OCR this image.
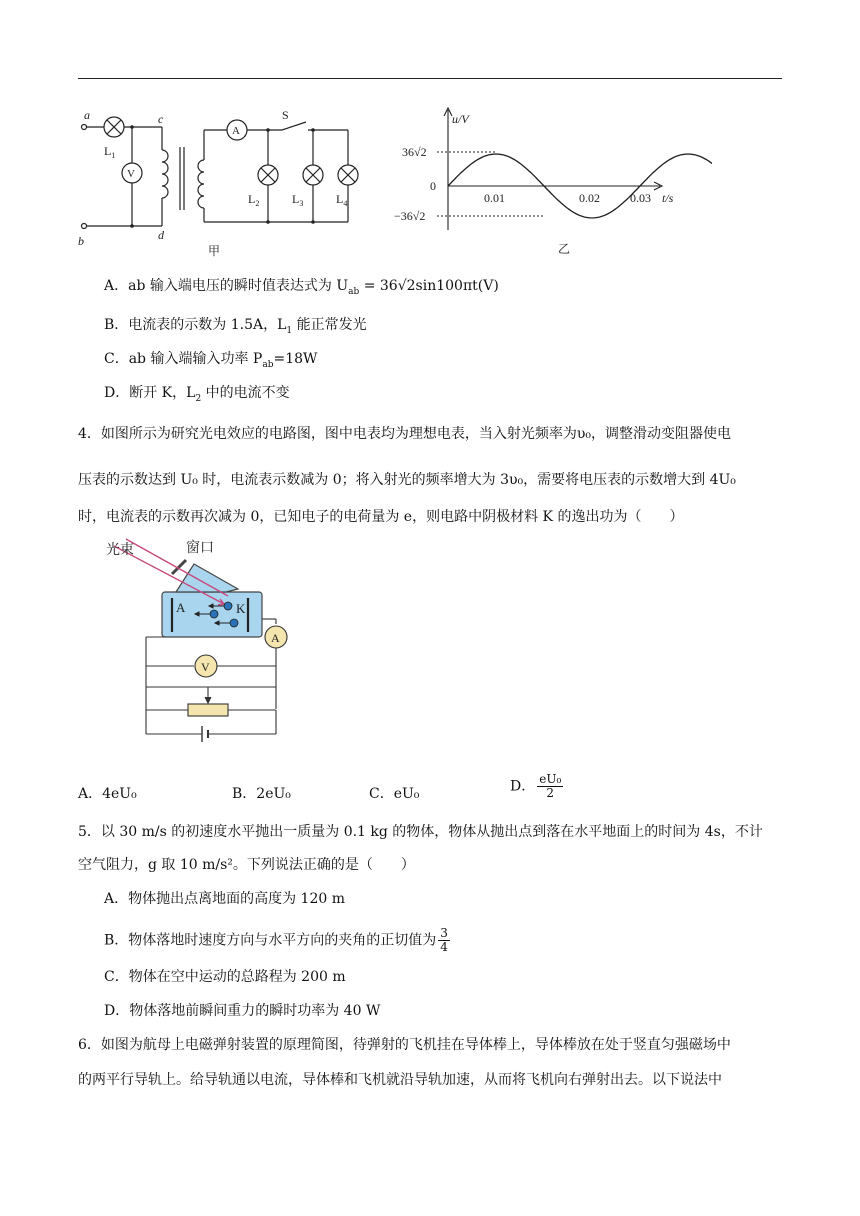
a
b
c
d
S
$L_1$
$L_2$	$L_3$	$L_4$
V
A
甲
u/V
t/s
0.01	0.02	0.03
36√2
0
−36√2
乙
A．ab 输入端电压的瞬时值表达式为 $U_{ab} = 36√2\sin 100\pi t(V)$
B．电流表的示数为 1.5A，$L_1$ 能正常发光
C．ab 输入端输入功率 $P_{ab}=18W$
D．断开 K，$L_2$ 中的电流不变
4．如图所示为研究光电效应的电路图，图中电表均为理想电表，当入射光频率为υ₀，调整滑动变阻器使电
压表的示数达到 U₀ 时，电流表示数减为 0；将入射光的频率增大为 3υ₀，需要将电压表的示数增大到 4U₀
时，电流表的示数再次减为 0，已知电子的电荷量为 e，则电路中阴极材料 K 的逸出功为（　　）
光束	窗口
A	K
A
V
A．4eU₀	B．2eU₀	C．eU₀	D． $\frac{\text{eU₀}}{2}$
5．以 30 m/s 的初速度水平抛出一质量为 0.1 kg 的物体，物体从抛出点到落在水平地面上的时间为 4s，不计
空气阻力，g 取 10 m/s²。下列说法正确的是（　　）
A．物体抛出点离地面的高度为 120 m
B．物体落地时速度方向与水平方向的夹角的正切值为 $\frac{3}{4}$
C．物体在空中运动的总路程为 200 m
D．物体落地前瞬间重力的瞬时功率为 40 W
6．如图为航母上电磁弹射装置的原理简图，待弹射的飞机挂在导体棒上，导体棒放在处于竖直匀强磁场中
的两平行导轨上。给导轨通以电流，导体棒和飞机就沿导轨加速，从而将飞机向右弹射出去。以下说法中
